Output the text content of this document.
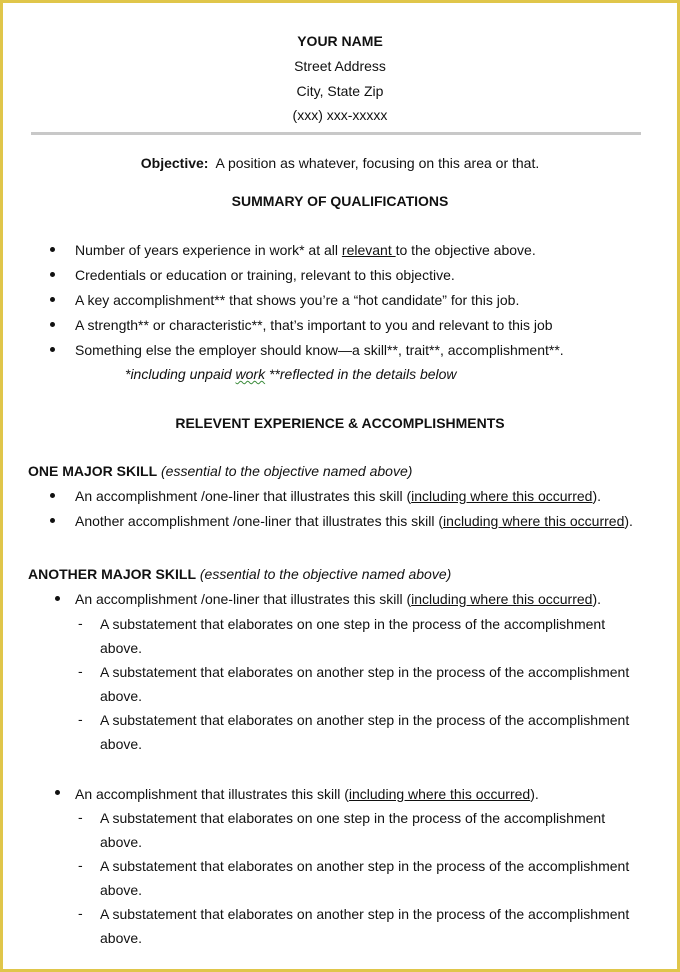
YOUR NAME
Street Address
City, State Zip
(xxx) xxx-xxxxx
Objective: A position as whatever, focusing on this area or that.
SUMMARY OF QUALIFICATIONS
Number of years experience in work* at all relevant to the objective above.
Credentials or education or training, relevant to this objective.
A key accomplishment** that shows you’re a “hot candidate” for this job.
A strength** or characteristic**, that’s important to you and relevant to this job
Something else the employer should know—a skill**, trait**, accomplishment**.
*including unpaid work **reflected in the details below
RELEVENT EXPERIENCE & ACCOMPLISHMENTS
ONE MAJOR SKILL (essential to the objective named above)
An accomplishment /one-liner that illustrates this skill (including where this occurred).
Another accomplishment /one-liner that illustrates this skill (including where this occurred).
ANOTHER MAJOR SKILL (essential to the objective named above)
An accomplishment /one-liner that illustrates this skill (including where this occurred).
- A substatement that elaborates on one step in the process of the accomplishment
above.
- A substatement that elaborates on another step in the process of the accomplishment
above.
- A substatement that elaborates on another step in the process of the accomplishment
above.
An accomplishment that illustrates this skill (including where this occurred).
- A substatement that elaborates on one step in the process of the accomplishment
above.
- A substatement that elaborates on another step in the process of the accomplishment
above.
- A substatement that elaborates on another step in the process of the accomplishment
above.
